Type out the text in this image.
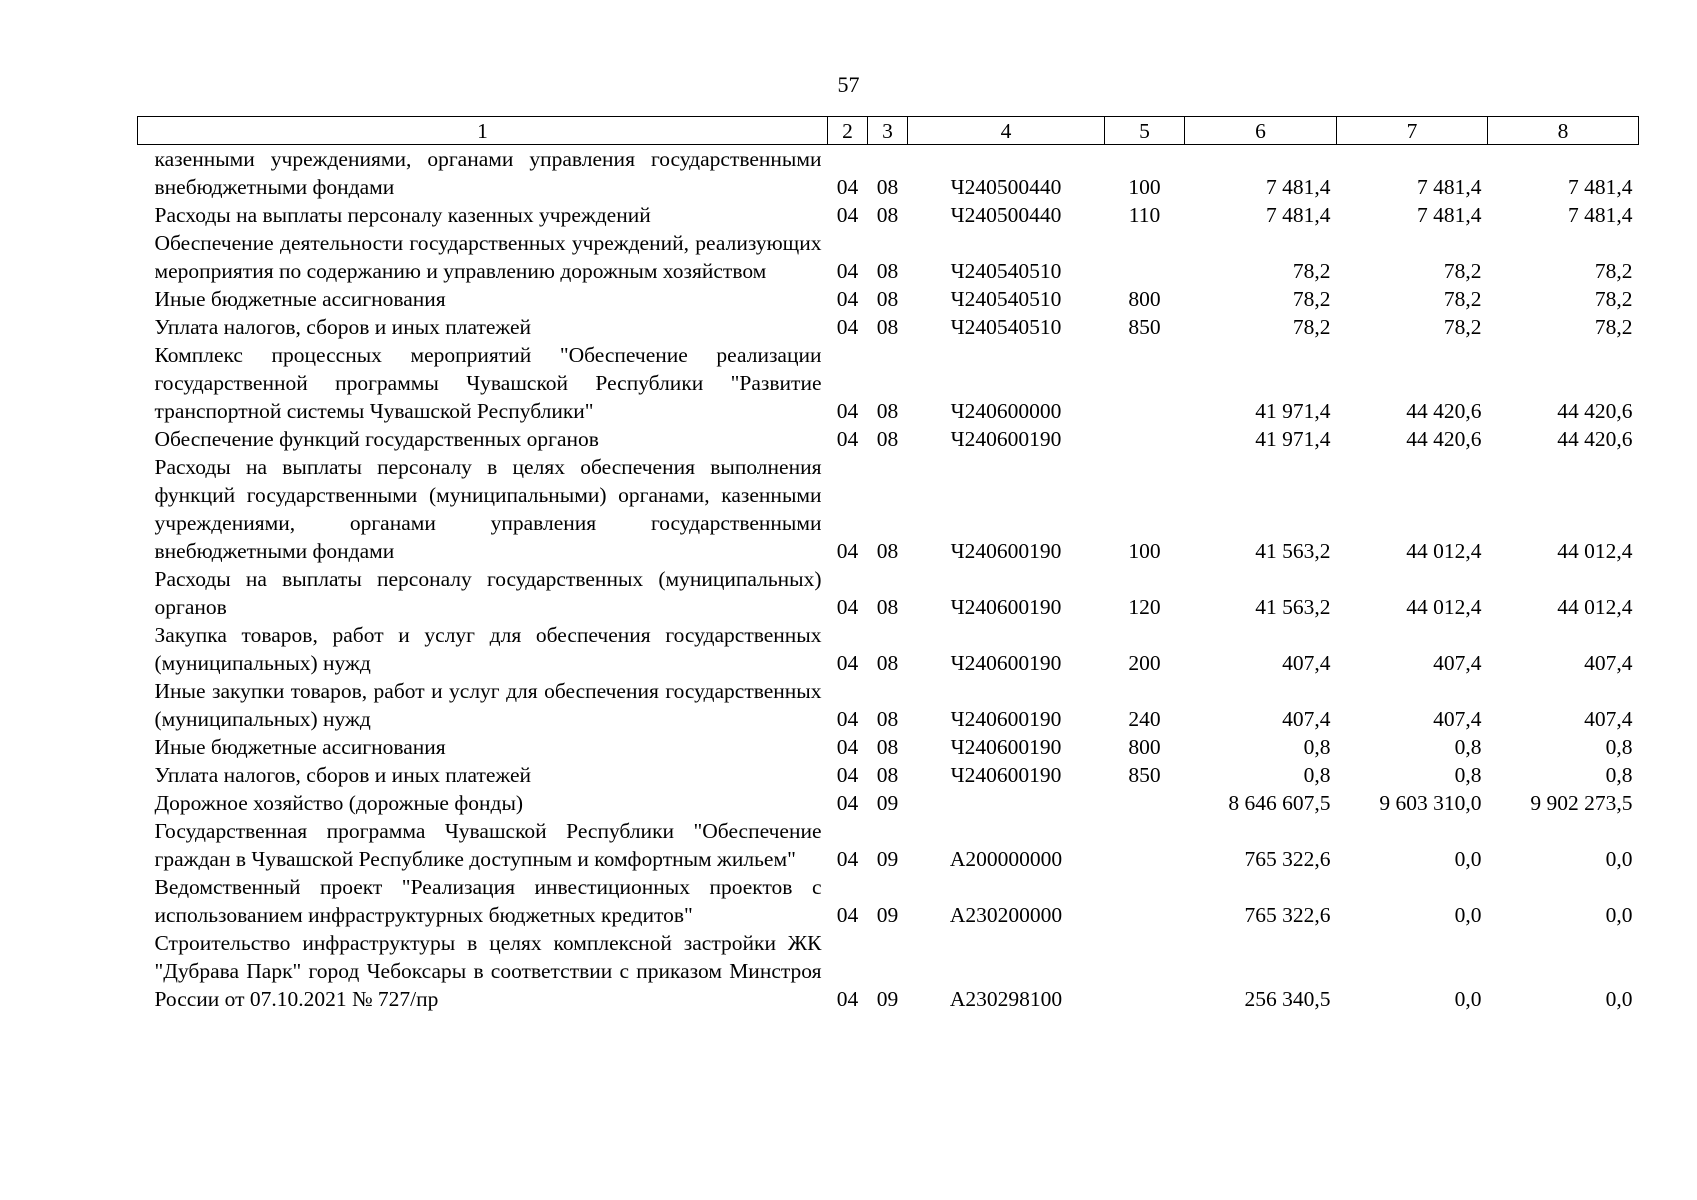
57
1	2	3	4	5	6	7	8
казенными учреждениями, органами управления государственными внебюджетными фондами	04	08	Ч240500440	100	7 481,4	7 481,4	7 481,4
Расходы на выплаты персоналу казенных учреждений	04	08	Ч240500440	110	7 481,4	7 481,4	7 481,4
Обеспечение деятельности государственных учреждений, реализующих мероприятия по содержанию и управлению дорожным хозяйством	04	08	Ч240540510		78,2	78,2	78,2
Иные бюджетные ассигнования	04	08	Ч240540510	800	78,2	78,2	78,2
Уплата налогов, сборов и иных платежей	04	08	Ч240540510	850	78,2	78,2	78,2
Комплекс процессных мероприятий "Обеспечение реализации государственной программы Чувашской Республики "Развитие транспортной системы Чувашской Республики"	04	08	Ч240600000		41 971,4	44 420,6	44 420,6
Обеспечение функций государственных органов	04	08	Ч240600190		41 971,4	44 420,6	44 420,6
Расходы на выплаты персоналу в целях обеспечения выполнения функций государственными (муниципальными) органами, казенными учреждениями, органами управления государственными внебюджетными фондами	04	08	Ч240600190	100	41 563,2	44 012,4	44 012,4
Расходы на выплаты персоналу государственных (муниципальных) органов	04	08	Ч240600190	120	41 563,2	44 012,4	44 012,4
Закупка товаров, работ и услуг для обеспечения государственных (муниципальных) нужд	04	08	Ч240600190	200	407,4	407,4	407,4
Иные закупки товаров, работ и услуг для обеспечения государственных (муниципальных) нужд	04	08	Ч240600190	240	407,4	407,4	407,4
Иные бюджетные ассигнования	04	08	Ч240600190	800	0,8	0,8	0,8
Уплата налогов, сборов и иных платежей	04	08	Ч240600190	850	0,8	0,8	0,8
Дорожное хозяйство (дорожные фонды)	04	09			8 646 607,5	9 603 310,0	9 902 273,5
Государственная программа Чувашской Республики "Обеспечение граждан в Чувашской Республике доступным и комфортным жильем"	04	09	А200000000		765 322,6	0,0	0,0
Ведомственный проект "Реализация инвестиционных проектов с использованием инфраструктурных бюджетных кредитов"	04	09	А230200000		765 322,6	0,0	0,0
Строительство инфраструктуры в целях комплексной застройки ЖК "Дубрава Парк" город Чебоксары в соответствии с приказом Минстроя России от 07.10.2021 № 727/пр	04	09	А230298100		256 340,5	0,0	0,0
